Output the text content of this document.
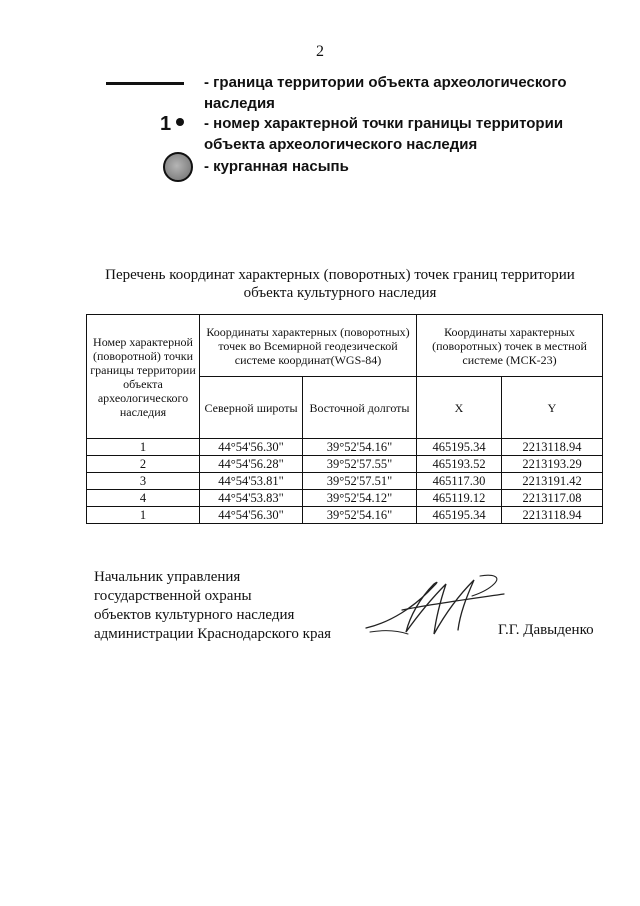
2
- граница территории объекта археологического наследия
1	- номер характерной точки границы территории объекта археологического наследия
- курганная насыпь
Перечень координат характерных (поворотных) точек границ территории
объекта культурного наследия
Номер характерной (поворотной) точки границы территории объекта археологического наследия	Координаты характерных (поворотных) точек во Всемирной геодезической системе координат(WGS-84)		Координаты характерных (поворотных) точек в местной системе (МСК-23)	
	Северной широты	Восточной долготы	X	Y
1	44°54'56.30"	39°52'54.16"	465195.34	2213118.94
2	44°54'56.28"	39°52'57.55"	465193.52	2213193.29
3	44°54'53.81"	39°52'57.51"	465117.30	2213191.42
4	44°54'53.83"	39°52'54.12"	465119.12	2213117.08
1	44°54'56.30"	39°52'54.16"	465195.34	2213118.94
Начальник управления
государственной охраны
объектов культурного наследия
администрации Краснодарского края	Г.Г. Давыденко
